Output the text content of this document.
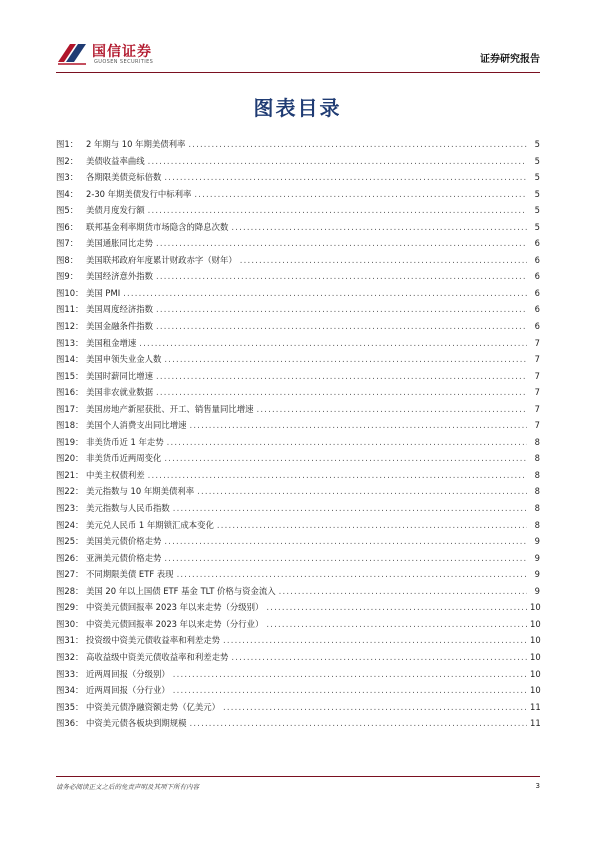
国信证券
GUOSEN SECURITIES	证券研究报告
图表目录
图1： 2 年期与 10 年期美债利率 .....	5
图2： 美债收益率曲线 .....	5
图3： 各期限美债竞标倍数 .....	5
图4： 2-30 年期美债发行中标利率 .....	5
图5： 美债月度发行额 .....	5
图6： 联邦基金利率期货市场隐含的降息次数 .....	5
图7： 美国通胀同比走势 .....	6
图8： 美国联邦政府年度累计财政赤字（财年） .....	6
图9： 美国经济意外指数 .....	6
图10： 美国 PMI .....	6
图11： 美国周度经济指数 .....	6
图12： 美国金融条件指数 .....	6
图13： 美国租金增速 .....	7
图14： 美国申领失业金人数 .....	7
图15： 美国时薪同比增速 .....	7
图16： 美国非农就业数据 .....	7
图17： 美国房地产新屋获批、开工、销售量同比增速 .....	7
图18： 美国个人消费支出同比增速 .....	7
图19： 非美货币近 1 年走势 .....	8
图20： 非美货币近两周变化 .....	8
图21： 中美主权债利差 .....	8
图22： 美元指数与 10 年期美债利率 .....	8
图23： 美元指数与人民币指数 .....	8
图24： 美元兑人民币 1 年期锁汇成本变化 .....	8
图25： 美国美元债价格走势 .....	9
图26： 亚洲美元债价格走势 .....	9
图27： 不同期限美债 ETF 表现 .....	9
图28： 美国 20 年以上国债 ETF 基金 TLT 价格与资金流入 .....	9
图29： 中资美元债回报率 2023 年以来走势（分级别） .....	10
图30： 中资美元债回报率 2023 年以来走势（分行业） .....	10
图31： 投资级中资美元债收益率和利差走势 .....	10
图32： 高收益级中资美元债收益率和利差走势 .....	10
图33： 近两周回报（分级别） .....	10
图34： 近两周回报（分行业） .....	10
图35： 中资美元债净融资额走势（亿美元） .....	11
图36： 中资美元债各板块到期规模 .....	11
请务必阅读正文之后的免责声明及其项下所有内容	3
